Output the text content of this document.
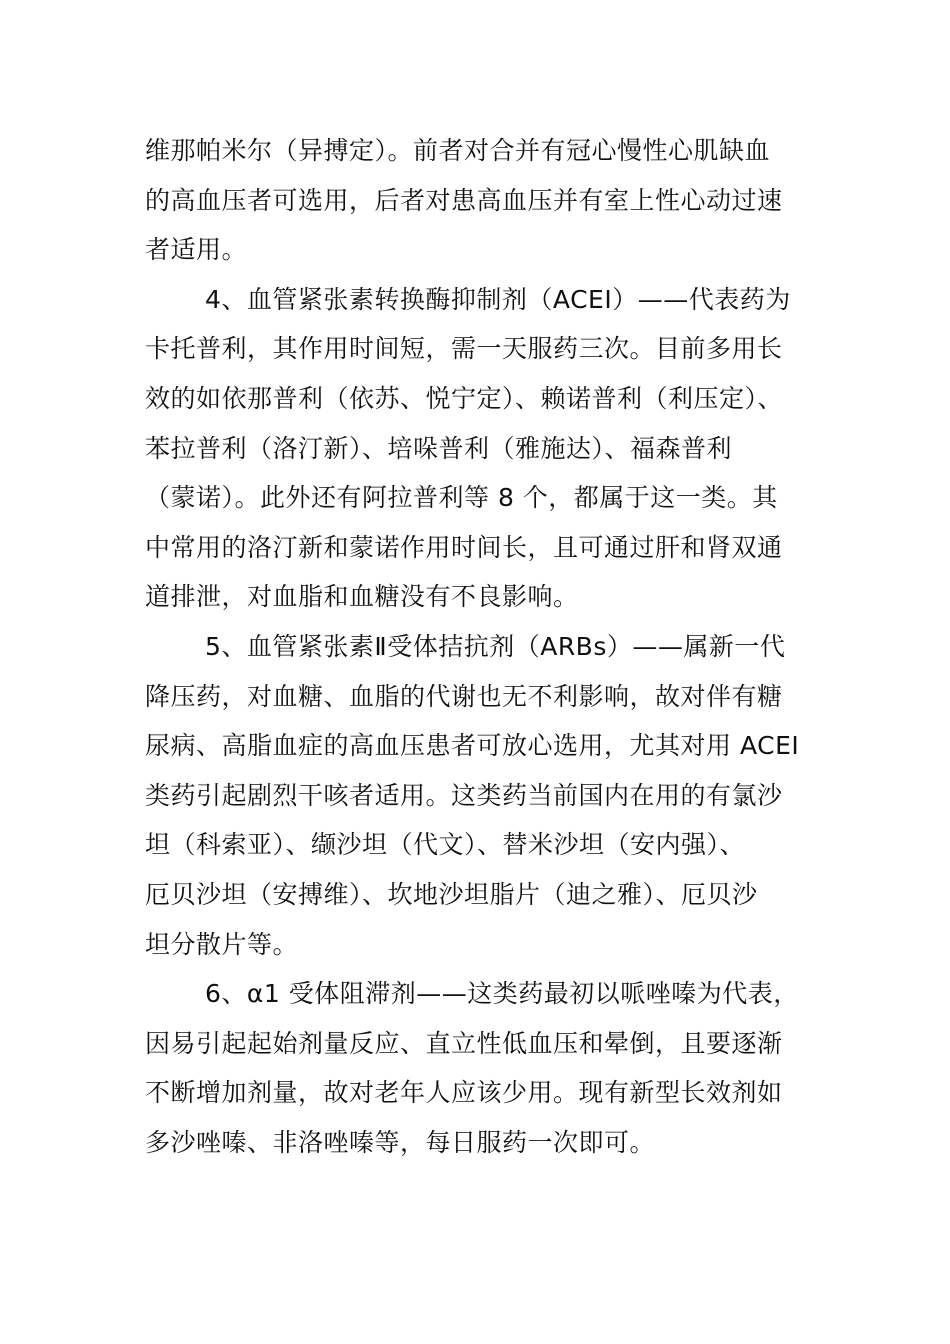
维那帕米尔（异搏定）。前者对合并有冠心慢性心肌缺血
的高血压者可选用，后者对患高血压并有室上性心动过速
者适用。
4、血管紧张素转换酶抑制剂（ACEI）——代表药为
卡托普利，其作用时间短，需一天服药三次。目前多用长
效的如依那普利（依苏、悦宁定）、赖诺普利（利压定）、
苯拉普利（洛汀新）、培哚普利（雅施达）、福森普利
（蒙诺）。此外还有阿拉普利等 8 个，都属于这一类。其
中常用的洛汀新和蒙诺作用时间长，且可通过肝和肾双通
道排泄，对血脂和血糖没有不良影响。
5、血管紧张素Ⅱ受体拮抗剂（ARBs）——属新一代
降压药，对血糖、血脂的代谢也无不利影响，故对伴有糖
尿病、高脂血症的高血压患者可放心选用，尤其对用 ACEI
类药引起剧烈干咳者适用。这类药当前国内在用的有氯沙
坦（科索亚）、缬沙坦（代文）、替米沙坦（安内强）、
厄贝沙坦（安搏维）、坎地沙坦脂片（迪之雅）、厄贝沙
坦分散片等。
6、α1 受体阻滞剂——这类药最初以哌唑嗪为代表，
因易引起起始剂量反应、直立性低血压和晕倒，且要逐渐
不断增加剂量，故对老年人应该少用。现有新型长效剂如
多沙唑嗪、非洛唑嗪等，每日服药一次即可。
